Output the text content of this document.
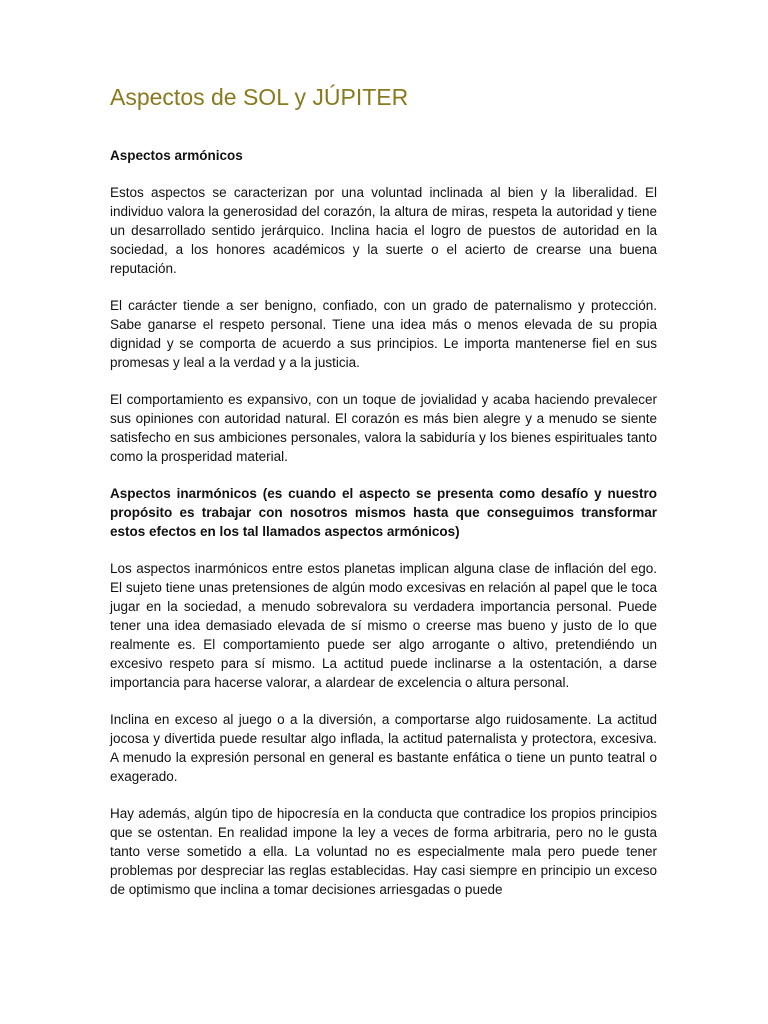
Aspectos de SOL y JÚPITER

Aspectos armónicos

Estos aspectos se caracterizan por una voluntad inclinada al bien y la liberalidad. El individuo valora la generosidad del corazón, la altura de miras, respeta la autoridad y tiene un desarrollado sentido jerárquico. Inclina hacia el logro de puestos de autoridad en la sociedad, a los honores académicos y la suerte o el acierto de crearse una buena reputación.

El carácter tiende a ser benigno, confiado, con un grado de paternalismo y protección. Sabe ganarse el respeto personal. Tiene una idea más o menos elevada de su propia dignidad y se comporta de acuerdo a sus principios. Le importa mantenerse fiel en sus promesas y leal a la verdad y a la justicia.

El comportamiento es expansivo, con un toque de jovialidad y acaba haciendo prevalecer sus opiniones con autoridad natural. El corazón es más bien alegre y a menudo se siente satisfecho en sus ambiciones personales, valora la sabiduría y los bienes espirituales tanto como la prosperidad material.

Aspectos inarmónicos (es cuando el aspecto se presenta como desafío y nuestro propósito es trabajar con nosotros mismos hasta que conseguimos transformar estos efectos en los tal llamados aspectos armónicos)

Los aspectos inarmónicos entre estos planetas implican alguna clase de inflación del ego. El sujeto tiene unas pretensiones de algún modo excesivas en relación al papel que le toca jugar en la sociedad, a menudo sobrevalora su verdadera importancia personal. Puede tener una idea demasiado elevada de sí mismo o creerse mas bueno y justo de lo que realmente es. El comportamiento puede ser algo arrogante o altivo, pretendiéndo un excesivo respeto para sí mismo. La actitud puede inclinarse a la ostentación, a darse importancia para hacerse valorar, a alardear de excelencia o altura personal.

Inclina en exceso al juego o a la diversión, a comportarse algo ruidosamente. La actitud jocosa y divertida puede resultar algo inflada, la actitud paternalista y protectora, excesiva. A menudo la expresión personal en general es bastante enfática o tiene un punto teatral o exagerado.

Hay además, algún tipo de hipocresía en la conducta que contradice los propios principios que se ostentan. En realidad impone la ley a veces de forma arbitraria, pero no le gusta tanto verse sometido a ella. La voluntad no es especialmente mala pero puede tener problemas por despreciar las reglas establecidas. Hay casi siempre en principio un exceso de optimismo que inclina a tomar decisiones arriesgadas o puede
